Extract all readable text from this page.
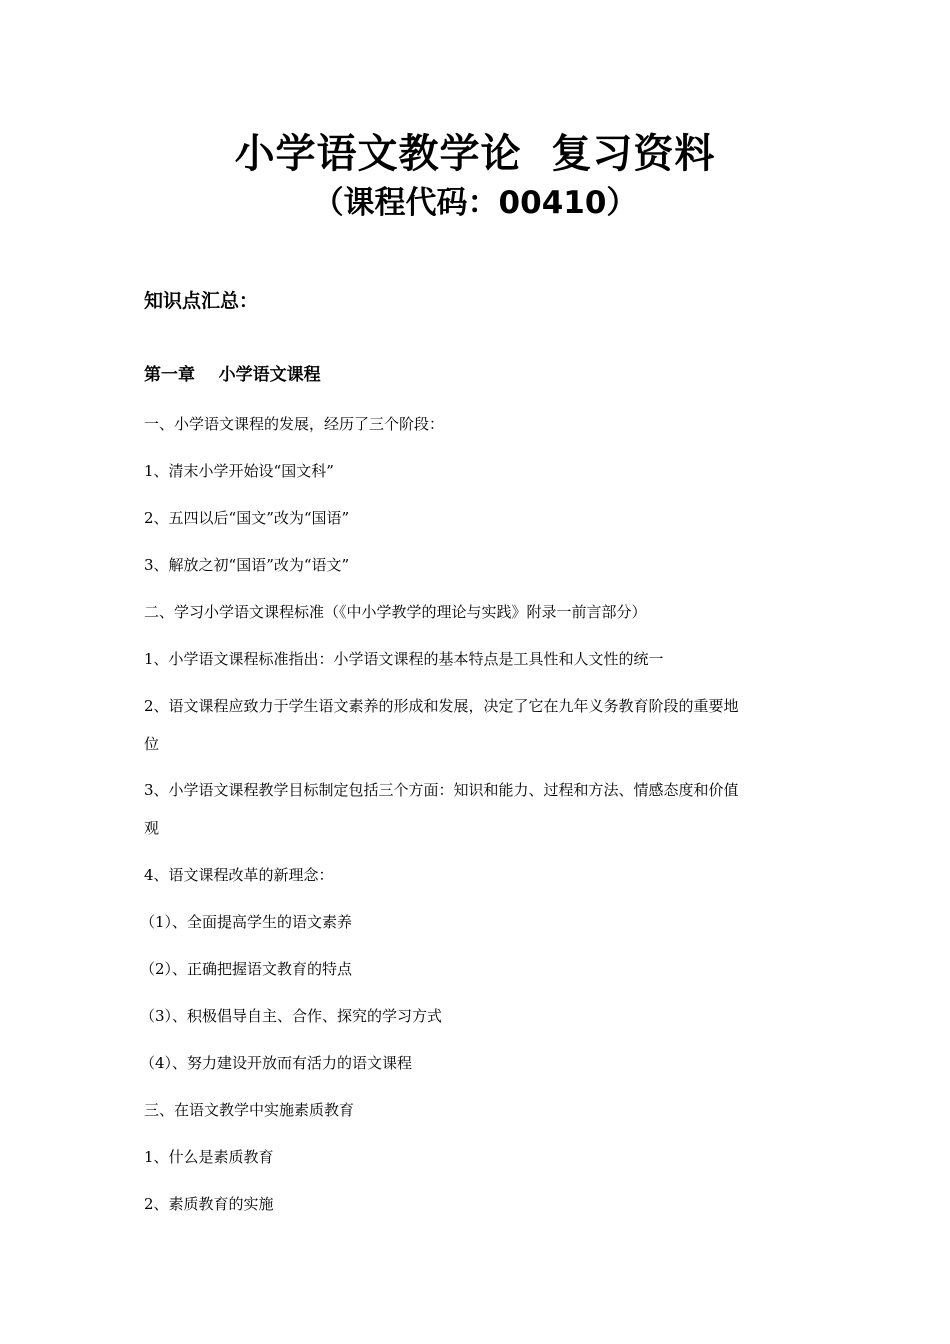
小学语文教学论  复习资料
（课程代码：00410）
知识点汇总：
第一章    小学语文课程
一、小学语文课程的发展，经历了三个阶段：
1、清末小学开始设“国文科”
2、五四以后“国文”改为“国语”
3、解放之初“国语”改为“语文”
二、学习小学语文课程标准（《中小学教学的理论与实践》附录一前言部分）
1、小学语文课程标准指出：小学语文课程的基本特点是工具性和人文性的统一
2、语文课程应致力于学生语文素养的形成和发展，决定了它在九年义务教育阶段的重要地
位
3、小学语文课程教学目标制定包括三个方面：知识和能力、过程和方法、情感态度和价值
观
4、语文课程改革的新理念：
（1）、全面提高学生的语文素养
（2）、正确把握语文教育的特点
（3）、积极倡导自主、合作、探究的学习方式
（4）、努力建设开放而有活力的语文课程
三、在语文教学中实施素质教育
1、什么是素质教育
2、素质教育的实施
